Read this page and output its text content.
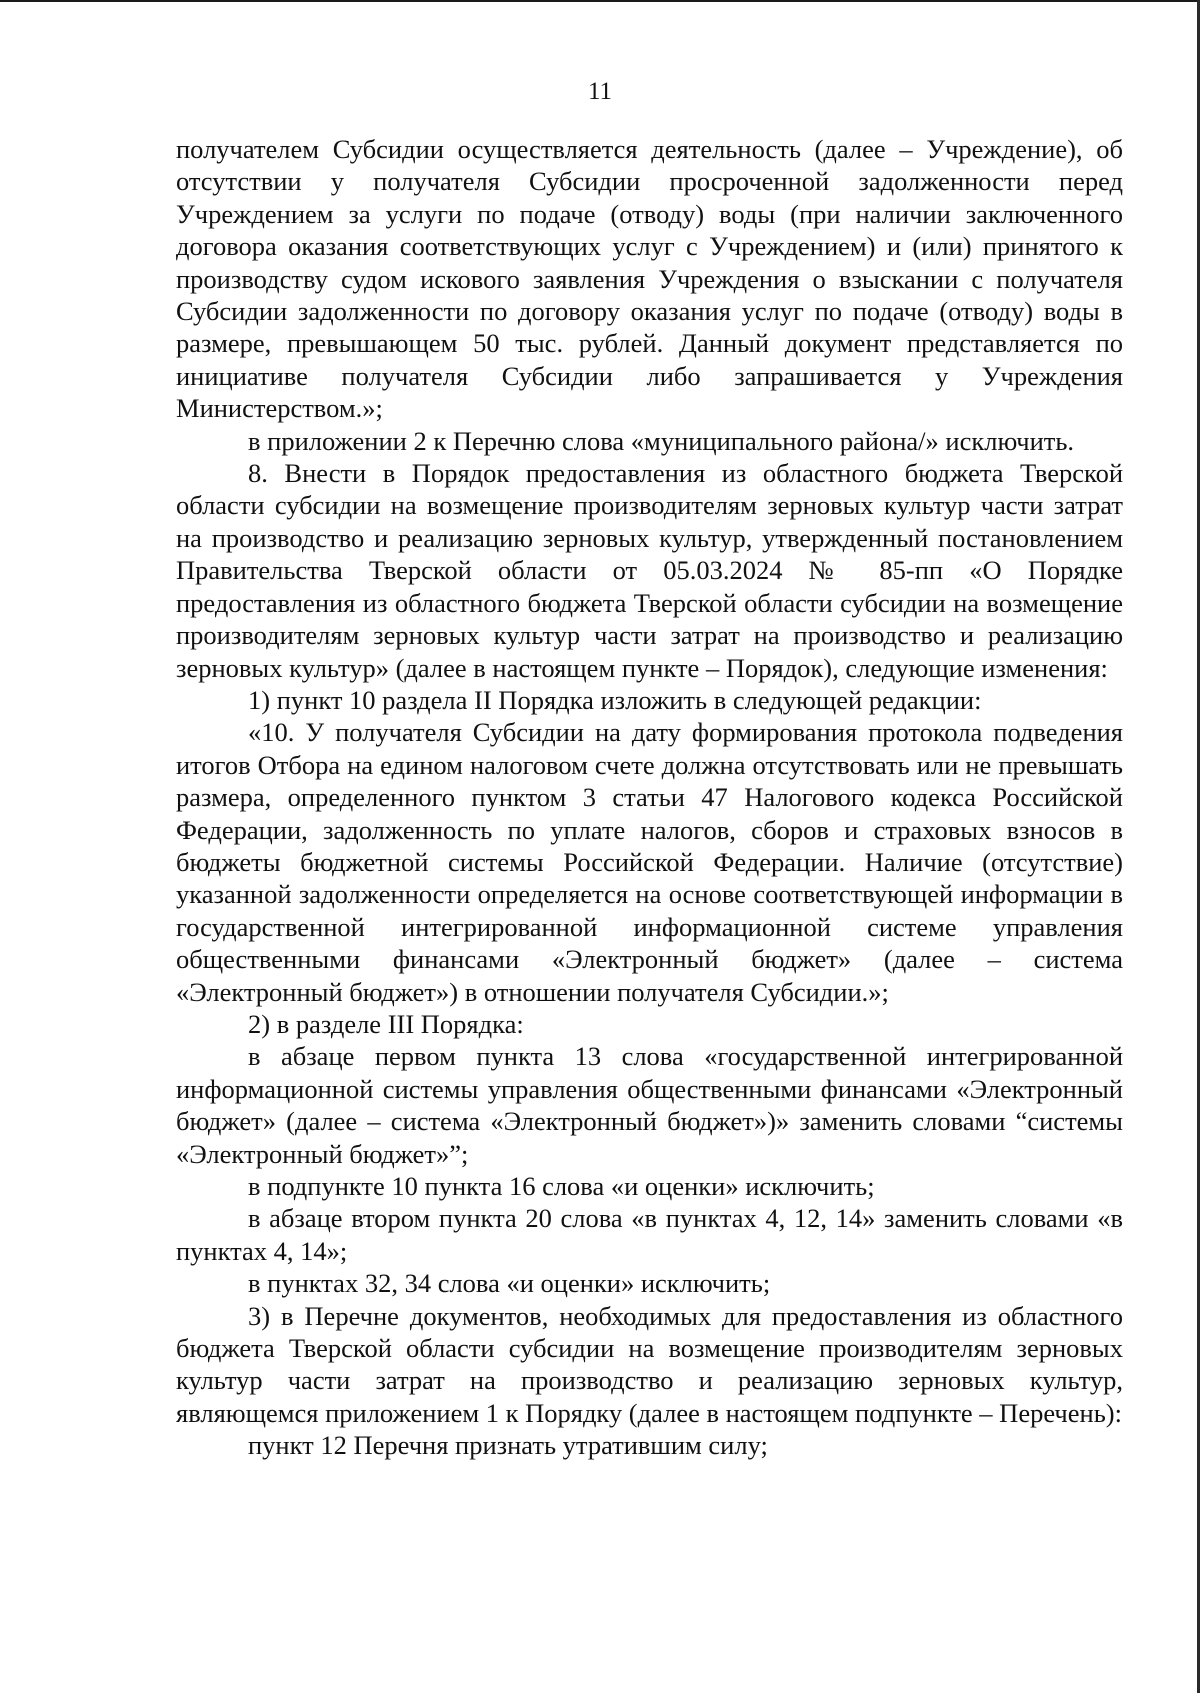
11

получателем Субсидии осуществляется деятельность (далее – Учреждение), об отсутствии у получателя Субсидии просроченной задолженности перед Учреждением за услуги по подаче (отводу) воды (при наличии заключенного договора оказания соответствующих услуг с Учреждением) и (или) принятого к производству судом искового заявления Учреждения о взыскании с получателя Субсидии задолженности по договору оказания услуг по подаче (отводу) воды в размере, превышающем 50 тыс. рублей. Данный документ представляется по инициативе получателя Субсидии либо запрашивается у Учреждения Министерством.»;

в приложении 2 к Перечню слова «муниципального района/» исключить.

8. Внести в Порядок предоставления из областного бюджета Тверской области субсидии на возмещение производителям зерновых культур части затрат на производство и реализацию зерновых культур, утвержденный постановлением Правительства Тверской области от 05.03.2024 № 85-пп «О Порядке предоставления из областного бюджета Тверской области субсидии на возмещение производителям зерновых культур части затрат на производство и реализацию зерновых культур» (далее в настоящем пункте – Порядок), следующие изменения:

1) пункт 10 раздела II Порядка изложить в следующей редакции:

«10. У получателя Субсидии на дату формирования протокола подведения итогов Отбора на едином налоговом счете должна отсутствовать или не превышать размера, определенного пунктом 3 статьи 47 Налогового кодекса Российской Федерации, задолженность по уплате налогов, сборов и страховых взносов в бюджеты бюджетной системы Российской Федерации. Наличие (отсутствие) указанной задолженности определяется на основе соответствующей информации в государственной интегрированной информационной системе управления общественными финансами «Электронный бюджет» (далее – система «Электронный бюджет») в отношении получателя Субсидии.»;

2) в разделе III Порядка:

в абзаце первом пункта 13 слова «государственной интегрированной информационной системы управления общественными финансами «Электронный бюджет» (далее – система «Электронный бюджет»)» заменить словами “системы «Электронный бюджет»”;

в подпункте 10 пункта 16 слова «и оценки» исключить;

в абзаце втором пункта 20 слова «в пунктах 4, 12, 14» заменить словами «в пунктах 4, 14»;

в пунктах 32, 34 слова «и оценки» исключить;

3) в Перечне документов, необходимых для предоставления из областного бюджета Тверской области субсидии на возмещение производителям зерновых культур части затрат на производство и реализацию зерновых культур, являющемся приложением 1 к Порядку (далее в настоящем подпункте – Перечень):

пункт 12 Перечня признать утратившим силу;
